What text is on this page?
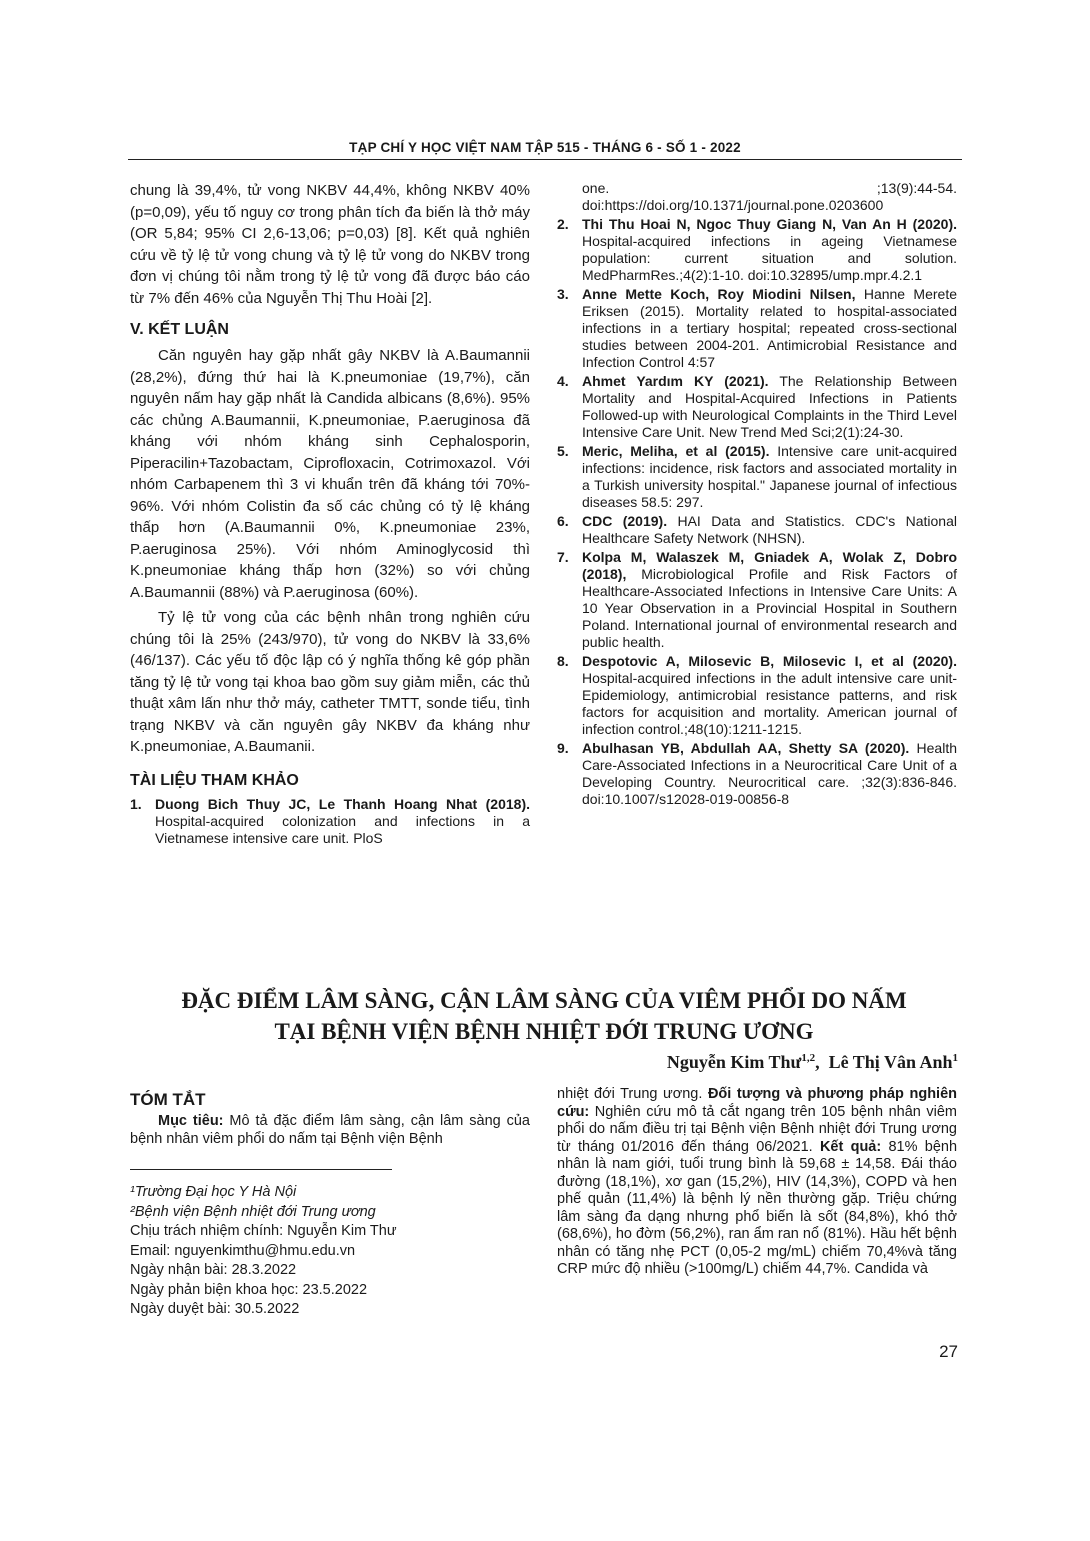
TẠP CHÍ Y HỌC VIỆT NAM TẬP 515 - THÁNG 6 - SỐ 1 - 2022

chung là 39,4%, tử vong NKBV 44,4%, không NKBV 40% (p=0,09), yếu tố nguy cơ trong phân tích đa biến là thở máy (OR 5,84; 95% CI 2,6-13,06; p=0,03) [8]. Kết quả nghiên cứu về tỷ lệ tử vong chung và tỷ lệ tử vong do NKBV trong đơn vị chúng tôi nằm trong tỷ lệ tử vong đã được báo cáo từ 7% đến 46% của Nguyễn Thị Thu Hoài [2].

V. KẾT LUẬN

Căn nguyên hay gặp nhất gây NKBV là A.Baumannii (28,2%), đứng thứ hai là K.pneumoniae (19,7%), căn nguyên nấm hay gặp nhất là Candida albicans (8,6%). 95% các chủng A.Baumannii, K.pneumoniae, P.aeruginosa đã kháng với nhóm kháng sinh Cephalosporin, Piperacilin+Tazobactam, Ciprofloxacin, Cotrimoxazol. Với nhóm Carbapenem thì 3 vi khuẩn trên đã kháng tới 70%- 96%. Với nhóm Colistin đa số các chủng có tỷ lệ kháng thấp hơn (A.Baumannii 0%, K.pneumoniae 23%, P.aeruginosa 25%). Với nhóm Aminoglycosid thì K.pneumoniae kháng thấp hơn (32%) so với chủng A.Baumannii (88%) và P.aeruginosa (60%).

Tỷ lệ tử vong của các bệnh nhân trong nghiên cứu chúng tôi là 25% (243/970), tử vong do NKBV là 33,6% (46/137). Các yếu tố độc lập có ý nghĩa thống kê góp phần tăng tỷ lệ tử vong tại khoa bao gồm suy giảm miễn, các thủ thuật xâm lấn như thở máy, catheter TMTT, sonde tiểu, tình trạng NKBV và căn nguyên gây NKBV đa kháng như K.pneumoniae, A.Baumanii.

TÀI LIỆU THAM KHẢO

1. Duong Bich Thuy JC, Le Thanh Hoang Nhat (2018). Hospital-acquired colonization and infections in a Vietnamese intensive care unit. PloS

one. ;13(9):44-54. doi:https://doi.org/10.1371/journal.pone.0203600

2. Thi Thu Hoai N, Ngoc Thuy Giang N, Van An H (2020). Hospital-acquired infections in ageing Vietnamese population: current situation and solution. MedPharmRes.;4(2):1-10. doi:10.32895/ump.mpr.4.2.1

3. Anne Mette Koch, Roy Miodini Nilsen, Hanne Merete Eriksen (2015). Mortality related to hospital-associated infections in a tertiary hospital; repeated cross-sectional studies between 2004-201. Antimicrobial Resistance and Infection Control 4:57

4. Ahmet Yardım KY (2021). The Relationship Between Mortality and Hospital-Acquired Infections in Patients Followed-up with Neurological Complaints in the Third Level Intensive Care Unit. New Trend Med Sci;2(1):24-30.

5. Meric, Meliha, et al (2015). Intensive care unit-acquired infections: incidence, risk factors and associated mortality in a Turkish university hospital." Japanese journal of infectious diseases 58.5: 297.

6. CDC (2019). HAI Data and Statistics. CDC's National Healthcare Safety Network (NHSN).

7. Kolpa M, Walaszek M, Gniadek A, Wolak Z, Dobro (2018), Microbiological Profile and Risk Factors of Healthcare-Associated Infections in Intensive Care Units: A 10 Year Observation in a Provincial Hospital in Southern Poland. International journal of environmental research and public health.

8. Despotovic A, Milosevic B, Milosevic I, et al (2020). Hospital-acquired infections in the adult intensive care unit-Epidemiology, antimicrobial resistance patterns, and risk factors for acquisition and mortality. American journal of infection control.;48(10):1211-1215.

9. Abulhasan YB, Abdullah AA, Shetty SA (2020). Health Care-Associated Infections in a Neurocritical Care Unit of a Developing Country. Neurocritical care. ;32(3):836-846. doi:10.1007/s12028-019-00856-8

ĐẶC ĐIỂM LÂM SÀNG, CẬN LÂM SÀNG CỦA VIÊM PHỔI DO NẤM
TẠI BỆNH VIỆN BỆNH NHIỆT ĐỚI TRUNG ƯƠNG
Nguyễn Kim Thư$^{1,2}$,  Lê Thị Vân Anh$^1$
TÓM TẮT

Mục tiêu: Mô tả đặc điểm lâm sàng, cận lâm sàng của bệnh nhân viêm phổi do nấm tại Bệnh viện Bệnh

nhiệt đới Trung ương. Đối tượng và phương pháp nghiên cứu: Nghiên cứu mô tả cắt ngang trên 105 bệnh nhân viêm phổi do nấm điều trị tại Bệnh viện Bệnh nhiệt đới Trung ương từ tháng 01/2016 đến tháng 06/2021. Kết quả: 81% bệnh nhân là nam giới, tuổi trung bình là 59,68 ± 14,58. Đái tháo đường (18,1%), xơ gan (15,2%), HIV (14,3%), COPD và hen phế quản (11,4%) là bệnh lý nền thường gặp. Triệu chứng lâm sàng đa dạng nhưng phổ biến là sốt (84,8%), khó thở (68,6%), ho đờm (56,2%), ran ẩm ran nổ (81%). Hầu hết bệnh nhân có tăng nhẹ PCT (0,05-2 mg/mL) chiếm 70,4%và tăng CRP mức độ nhiều (>100mg/L) chiếm 44,7%. Candida và

¹Trường Đại học Y Hà Nội
²Bệnh viện Bệnh nhiệt đới Trung ương
Chịu trách nhiệm chính: Nguyễn Kim Thư
Email: nguyenkimthu@hmu.edu.vn
Ngày nhận bài: 28.3.2022
Ngày phản biện khoa học: 23.5.2022
Ngày duyệt bài: 30.5.2022
27
